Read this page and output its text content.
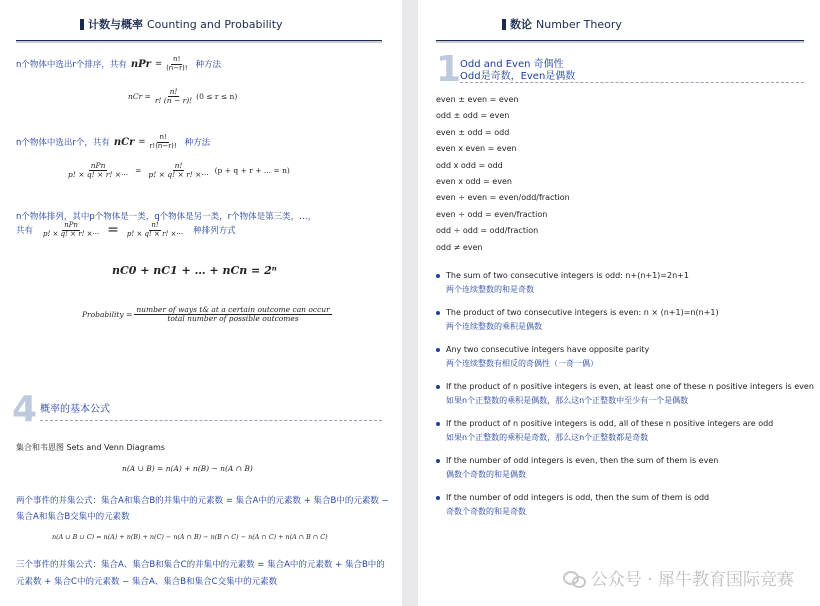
计数与概率 Counting and Probability
n个物体中选出r个排序，共有 nPr = $\frac{n!}{(n-r)!}$ 种方法
nCr = $\frac{n!}{r! (n - r)!} (0 \le r \le n)$
n个物体中选出r个，共有 nCr = $\frac{n!}{r!(n-r)!}$ 种方法
$\frac{\text{nPn}}{p! \times q! \times r! \times\cdot\cdot\cdot} = \frac{n!}{p! \times q! \times r! \times\cdot\cdot\cdot} (p + q + r$ + ... = n)
n个物体排列，其中p个物体是一类，q个物体是另一类，r个物体是第三类，…，
共有 $\frac{\text{nPn}}{p! \times q! \times r! \times\cdot\cdot\cdot} = \frac{n!}{p! \times q! \times r! \times\cdot\cdot\cdot}$ 种排列方式
nC0 + nC1 + … + nCn = 2ⁿ
Probability = $\frac{\text{number of ways t\& at a certain outcome can occur}}{\text{total number of possible outcomes}}$
4 概率的基本公式
集合和韦恩图 Sets and Venn Diagrams
n(A ∪ B) = n(A) + n(B) − n(A ∩ B)
两个事件的并集公式：集合A和集合B的并集中的元素数 = 集合A中的元素数 + 集合B中的元素数 −
集合A和集合B交集中的元素数
n(A ∪ B ∪ C) = n(A) + n(B) + n(C) − n(A ∩ B) − n(B ∩ C) − n(A ∩ C) + n(A ∩ B ∩ C)
三个事件的并集公式：集合A、集合B和集合C的并集中的元素数 = 集合A中的元素数 + 集合B中的
元素数 + 集合C中的元素数 − 集合A、集合B和集合C交集中的元素数
数论 Number Theory
1
Odd and Even 奇偶性
Odd是奇数，Even是偶数
even ± even = even
odd ± odd = even
even ± odd = odd
even x even = even
odd x odd = odd
even x odd = even
even ÷ even = even/odd/fraction
even ÷ odd = even/fraction
odd ÷ odd = odd/fraction
odd ≠ even
The sum of two consecutive integers is odd: n+(n+1)=2n+1
两个连续整数的和是奇数
The product of two consecutive integers is even: n × (n+1)=n(n+1)
两个连续整数的乘积是偶数
Any two consecutive integers have opposite parity
两个连续整数有相反的奇偶性（一奇一偶）
If the product of n positive integers is even, at least one of these n positive integers is even
如果n个正整数的乘积是偶数，那么这n个正整数中至少有一个是偶数
If the product of n positive integers is odd, all of these n positive integers are odd
如果n个正整数的乘积是奇数，那么这n个正整数都是奇数
If the number of odd integers is even, then the sum of them is even
偶数个奇数的和是偶数
If the number of odd integers is odd, then the sum of them is odd
奇数个奇数的和是奇数
公众号 · 犀牛教育国际竞赛
